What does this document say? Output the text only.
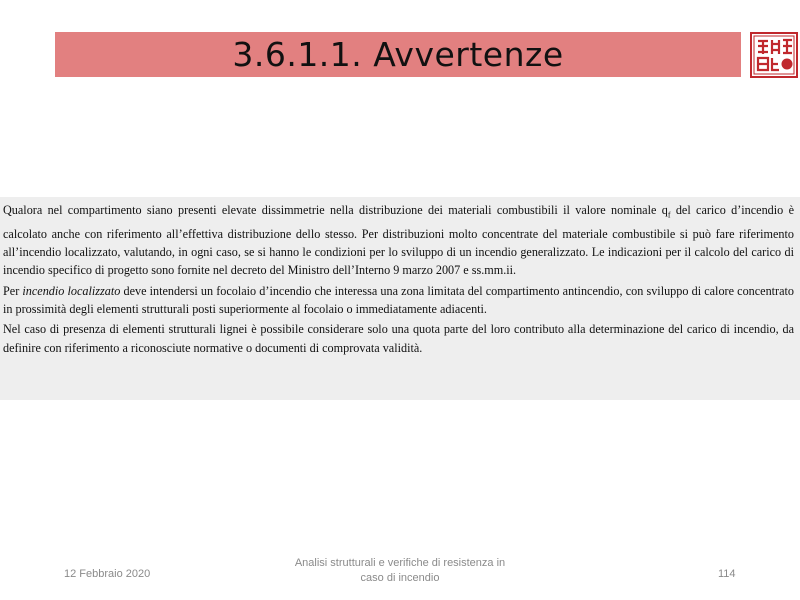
3.6.1.1. Avvertenze

Qualora nel compartimento siano presenti elevate dissimmetrie nella distribuzione dei materiali combustibili il valore nominale $q_f$ del carico d’incendio è calcolato anche con riferimento all’effettiva distribuzione dello stesso. Per distribuzioni molto concentrate del materiale combustibile si può fare riferimento all’incendio localizzato, valutando, in ogni caso, se si hanno le condizioni per lo sviluppo di un incendio generalizzato. Le indicazioni per il calcolo del carico di incendio specifico di progetto sono fornite nel decreto del Ministro dell’Interno 9 marzo 2007 e ss.mm.ii.

Per incendio localizzato deve intendersi un focolaio d’incendio che interessa una zona limitata del compartimento antincendio, con sviluppo di calore concentrato in prossimità degli elementi strutturali posti superiormente al focolaio o immediatamente adiacenti.

Nel caso di presenza di elementi strutturali lignei è possibile considerare solo una quota parte del loro contributo alla determinazione del carico di incendio, da definire con riferimento a riconosciute normative o documenti di comprovata validità.

12 Febbraio 2020
Analisi strutturali e verifiche di resistenza in
caso di incendio	114
